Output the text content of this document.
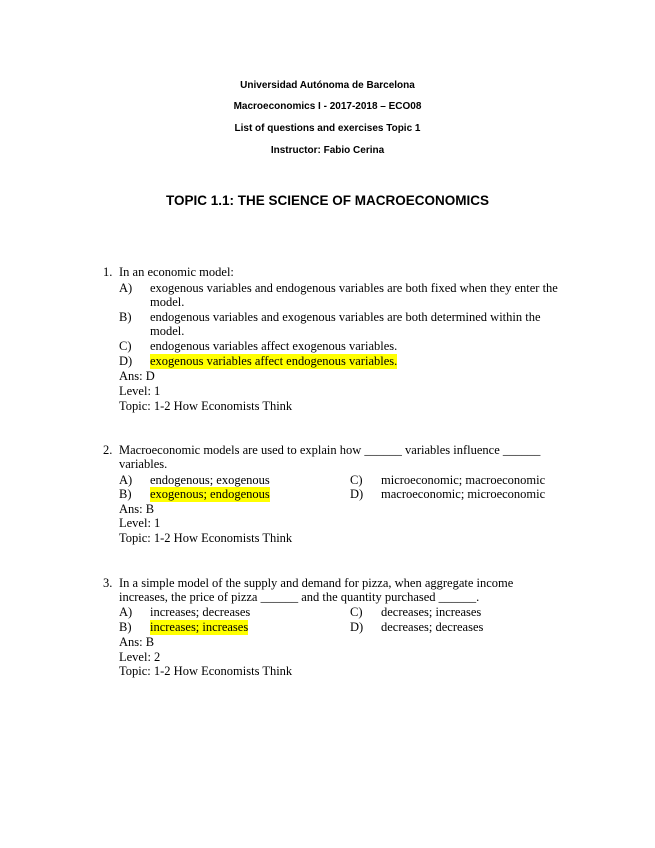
Universidad Autónoma de Barcelona
Macroeconomics I - 2017-2018 – ECO08
List of questions and exercises Topic 1
Instructor: Fabio Cerina
TOPIC 1.1: THE SCIENCE OF MACROECONOMICS
1. In an economic model:
A) exogenous variables and endogenous variables are both fixed when they enter the
model.
B) endogenous variables and exogenous variables are both determined within the
model.
C) endogenous variables affect exogenous variables.
D) exogenous variables affect endogenous variables.
Ans: D
Level: 1
Topic: 1-2 How Economists Think
2. Macroeconomic models are used to explain how ______ variables influence ______
variables.
A) endogenous; exogenous	C) microeconomic; macroeconomic
B) exogenous; endogenous	D) macroeconomic; microeconomic
Ans: B
Level: 1
Topic: 1-2 How Economists Think
3. In a simple model of the supply and demand for pizza, when aggregate income
increases, the price of pizza ______ and the quantity purchased ______.
A) increases; decreases	C) decreases; increases
B) increases; increases	D) decreases; decreases
Ans: B
Level: 2
Topic: 1-2 How Economists Think
